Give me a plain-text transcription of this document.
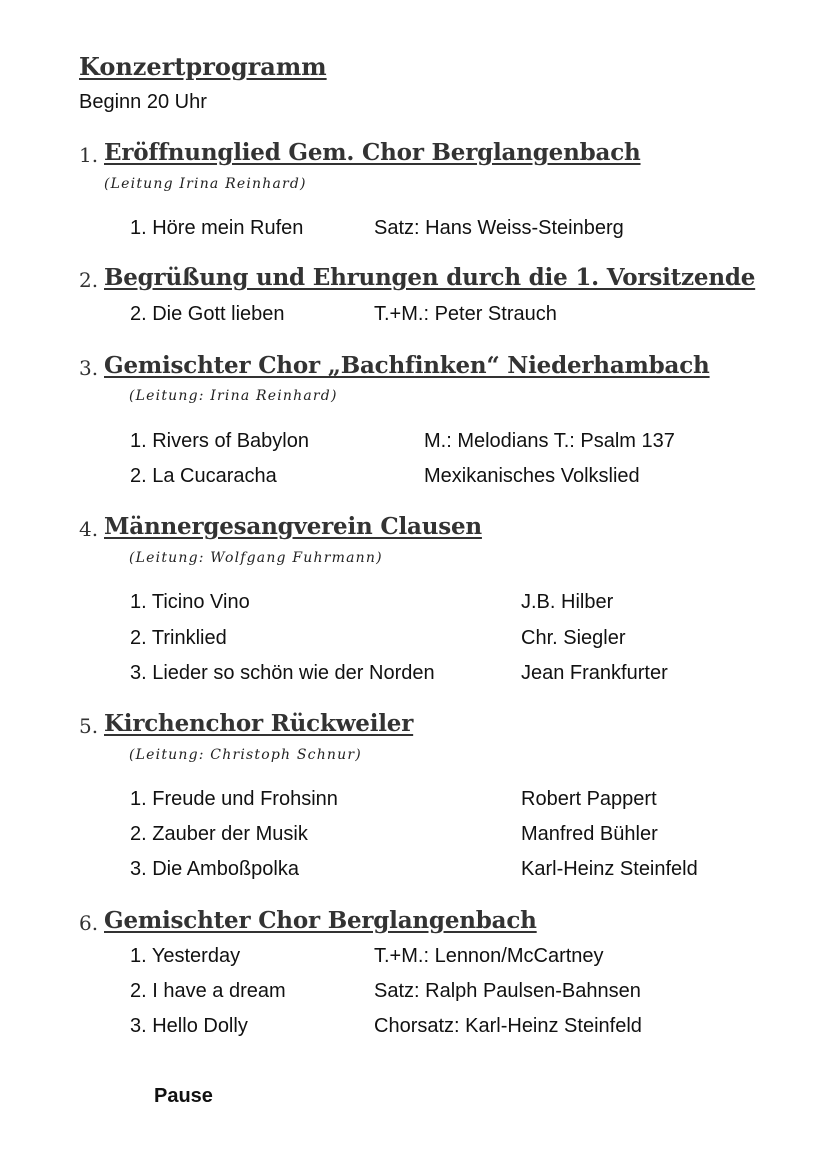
Konzertprogramm
Beginn 20 Uhr
1. Eröffnunglied Gem. Chor Berglangenbach
(Leitung Irina Reinhard)
1. Höre mein Rufen	Satz: Hans Weiss-Steinberg
2. Begrüßung und Ehrungen durch die 1. Vorsitzende
2. Die Gott lieben	T.+M.: Peter Strauch
3. Gemischter Chor „Bachfinken“ Niederhambach
(Leitung: Irina Reinhard)
1. Rivers of Babylon	M.: Melodians T.: Psalm 137
2. La Cucaracha	Mexikanisches Volkslied
4. Männergesangverein Clausen
(Leitung: Wolfgang Fuhrmann)
1. Ticino Vino	J.B. Hilber
2. Trinklied	Chr. Siegler
3. Lieder so schön wie der Norden	Jean Frankfurter
5. Kirchenchor Rückweiler
(Leitung: Christoph Schnur)
1. Freude und Frohsinn	Robert Pappert
2. Zauber der Musik	Manfred Bühler
3. Die Amboßpolka	Karl-Heinz Steinfeld
6. Gemischter Chor Berglangenbach
1. Yesterday	T.+M.: Lennon/McCartney
2. I have a dream	Satz: Ralph Paulsen-Bahnsen
3. Hello Dolly	Chorsatz: Karl-Heinz Steinfeld
Pause
